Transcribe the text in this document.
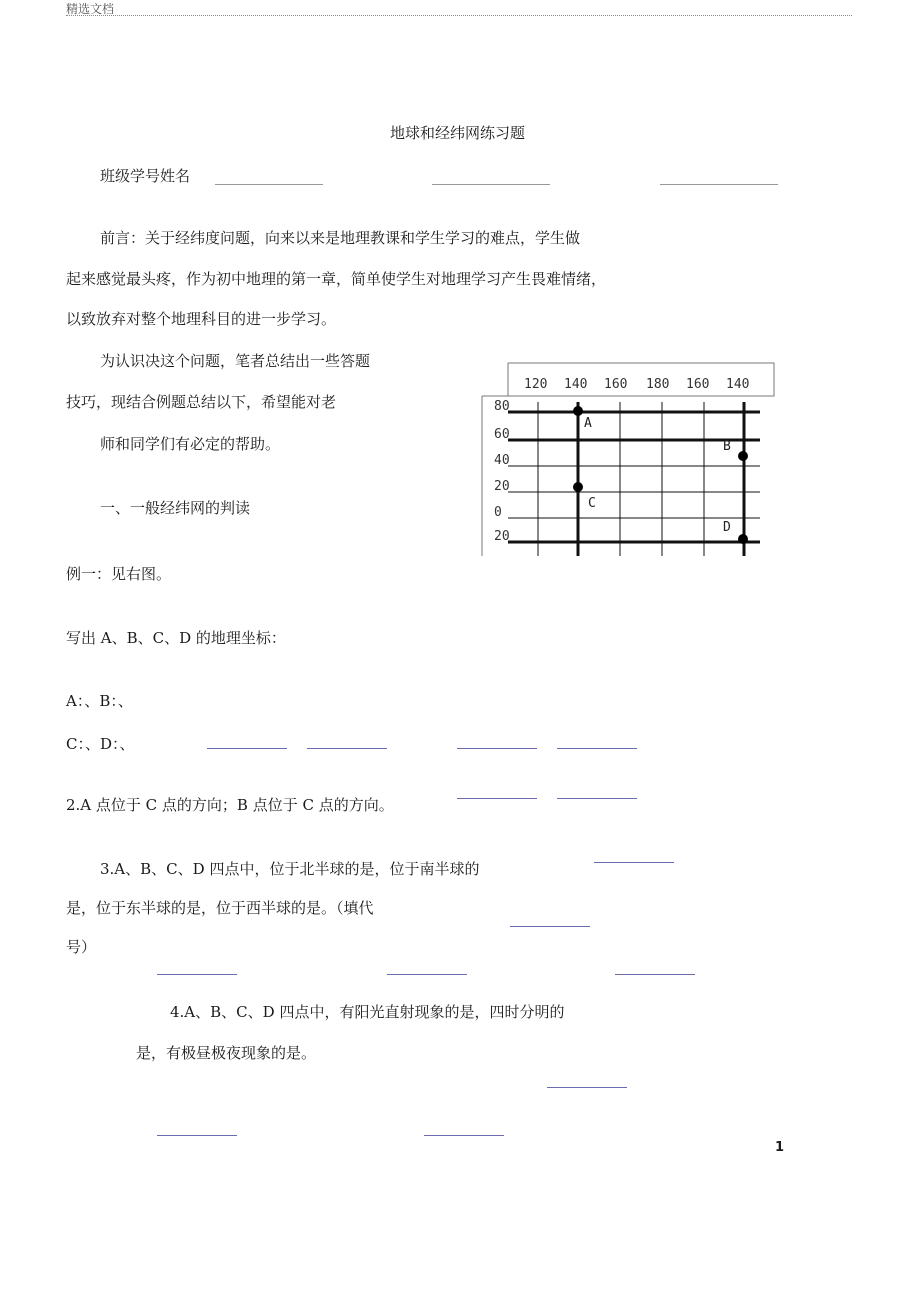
精选文档
地球和经纬网练习题
班级学号姓名
前言：关于经纬度问题，向来以来是地理教课和学生学习的难点，学生做
起来感觉最头疼，作为初中地理的第一章，简单使学生对地理学习产生畏难情绪，
以致放弃对整个地理科目的进一步学习。
为认识决这个问题，笔者总结出一些答题
技巧，现结合例题总结以下，希望能对老
师和同学们有必定的帮助。
一、一般经纬网的判读
例一：见右图。
写出 A、B、C、D 的地理坐标：
A：、B：、
C：、D：、
2.A 点位于 C 点的方向；B 点位于 C 点的方向。
3.A、B、C、D 四点中，位于北半球的是，位于南半球的
是，位于东半球的是，位于西半球的是。（填代
号）
4.A、B、C、D 四点中，有阳光直射现象的是，四时分明的
是，有极昼极夜现象的是。
1
120 140 160 180 160 140
80
60
40
20
0
20
A
B
C
D
